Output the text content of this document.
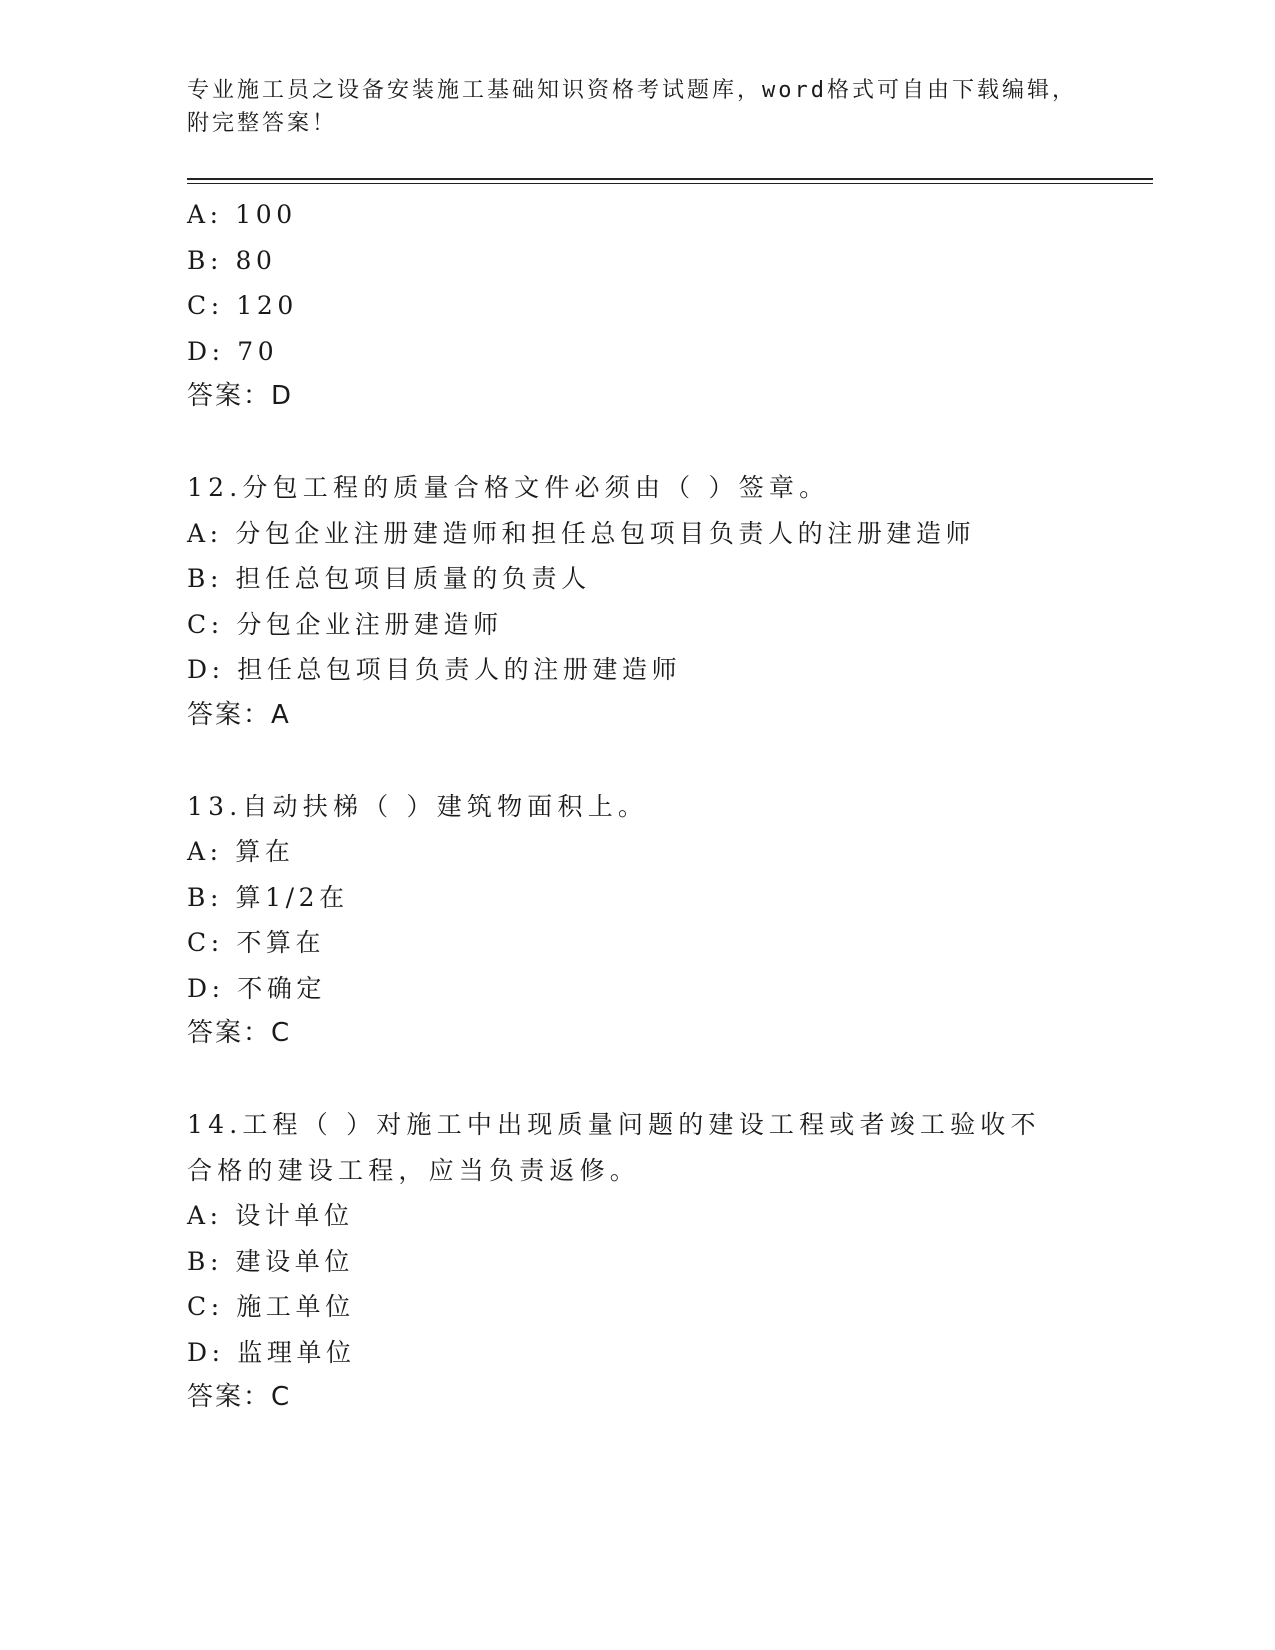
专业施工员之设备安装施工基础知识资格考试题库，word格式可自由下载编辑，
附完整答案！
A: 100
B: 80
C: 120
D: 70
答案：D
12.分包工程的质量合格文件必须由（ ）签章。
A: 分包企业注册建造师和担任总包项目负责人的注册建造师
B: 担任总包项目质量的负责人
C: 分包企业注册建造师
D: 担任总包项目负责人的注册建造师
答案：A
13.自动扶梯（ ）建筑物面积上。
A: 算在
B: 算1/2在
C: 不算在
D: 不确定
答案：C
14.工程（ ）对施工中出现质量问题的建设工程或者竣工验收不合格的建设工程，应当负责返修。
A: 设计单位
B: 建设单位
C: 施工单位
D: 监理单位
答案：C
